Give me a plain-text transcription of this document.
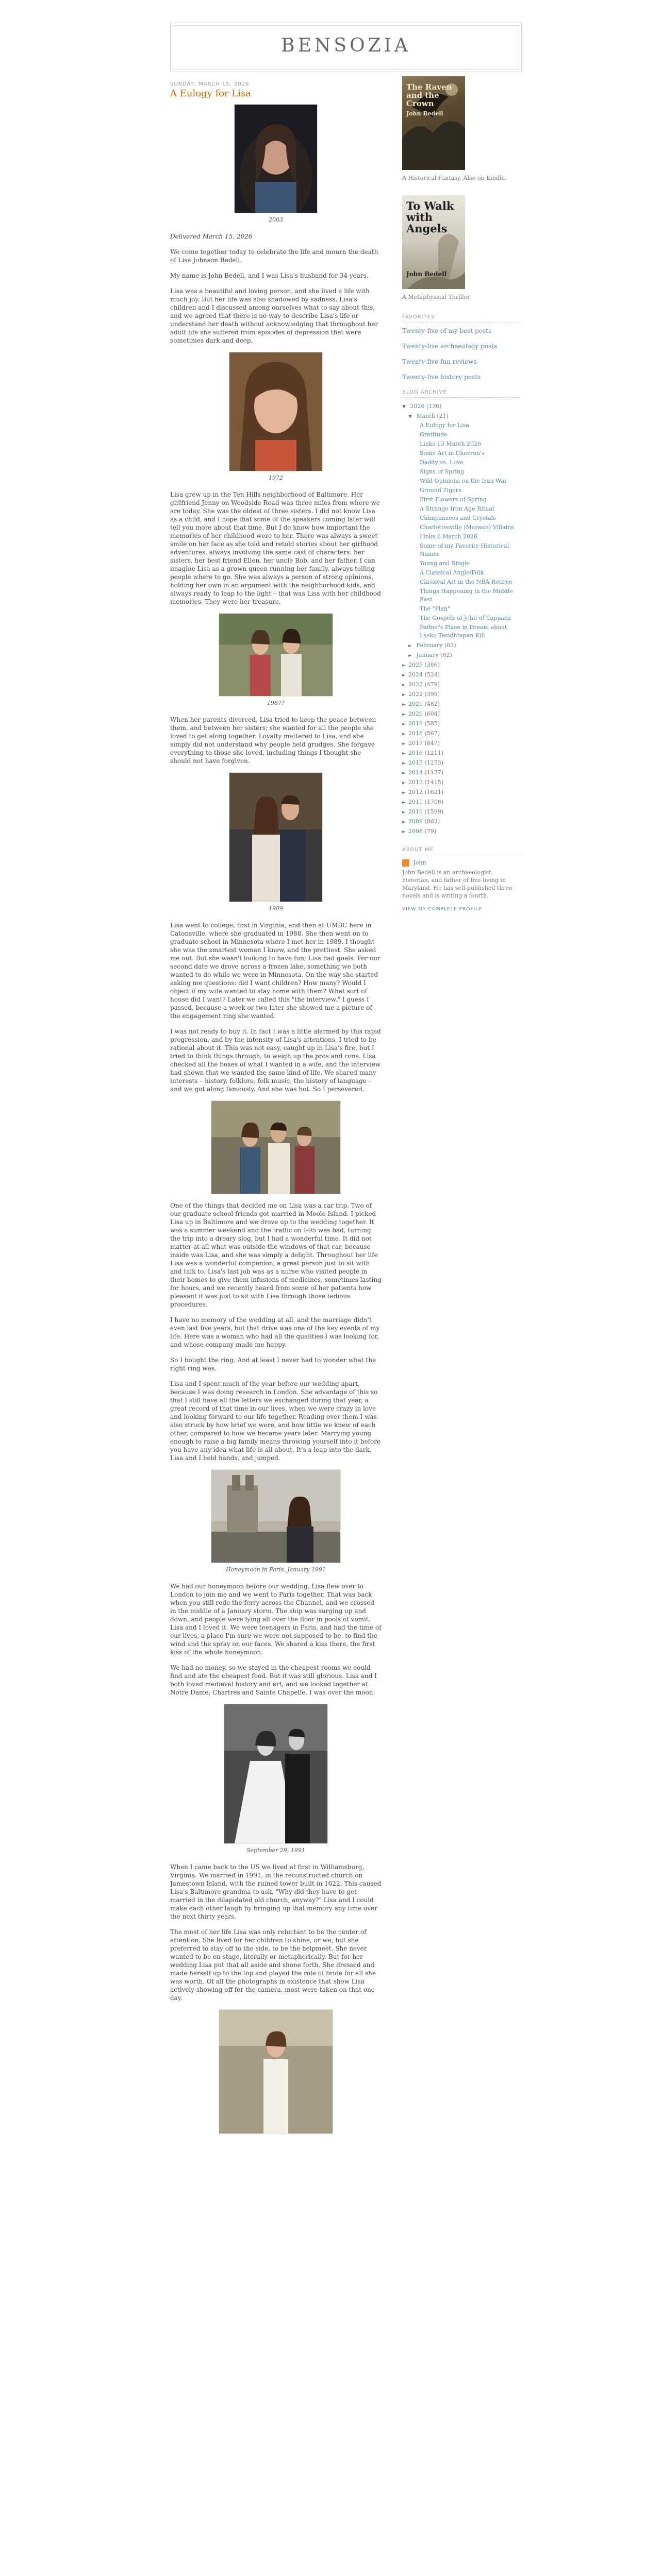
BENSOZIA
SUNDAY, MARCH 15, 2026
A Eulogy for Lisa
2003

Delivered March 15, 2026

We come together today to celebrate the life and mourn the death of Lisa Johnson Bedell.

My name is John Bedell, and I was Lisa's husband for 34 years.

Lisa was a beautiful and loving person, and she lived a life with much joy. But her life was also shadowed by sadness. Lisa's children and I discussed among ourselves what to say about this, and we agreed that there is no way to describe Lisa's life or understand her death without acknowledging that throughout her adult life she suffered from episodes of depression that were sometimes dark and deep.

1972

Lisa grew up in the Ten Hills neighborhood of Baltimore. Her girlfriend Jenny on Woodside Road was three miles from where we are today. She was the oldest of three sisters. I did not know Lisa as a child, and I hope that some of the speakers coming later will tell you more about that time. But I do know how important the memories of her childhood were to her. There was always a sweet smile on her face as she told and retold stories about her girlhood adventures, always involving the same cast of characters: her sisters, her best friend Ellen, her uncle Bob, and her father. I can imagine Lisa as a grown queen running her family, always telling people where to go. She was always a person of strong opinions, holding her own in an argument with the neighborhood kids, and always ready to leap to the light – that was Lisa with her childhood memories. They were her treasure.

1987?

When her parents divorced, Lisa tried to keep the peace between them, and between her sisters; she wanted for all the people she loved to get along together. Loyalty mattered to Lisa, and she simply did not understand why people held grudges. She forgave everything to those she loved, including things I thought she should not have forgiven.

1989

Lisa went to college, first in Virginia, and then at UMBC here in Catonsville, where she graduated in 1988. She then went on to graduate school in Minnesota where I met her in 1989. I thought she was the smartest woman I knew, and the prettiest. She asked me out. But she wasn't looking to have fun; Lisa had goals. For our second date we drove across a frozen lake, something we both wanted to do while we were in Minnesota. On the way she started asking me questions: did I want children? How many? Would I object if my wife wanted to stay home with them? What sort of house did I want? Later we called this "the interview." I guess I passed, because a week or two later she showed me a picture of the engagement ring she wanted.

I was not ready to buy it. In fact I was a little alarmed by this rapid progression, and by the intensity of Lisa's attentions. I tried to be rational about it. This was not easy, caught up in Lisa's fire, but I tried to think things through, to weigh up the pros and cons. Lisa checked all the boxes of what I wanted in a wife, and the interview had shown that we wanted the same kind of life. We shared many interests – history, folklore, folk music, the history of language – and we got along famously. And she was hot. So I persevered.

One of the things that decided me on Lisa was a car trip. Two of our graduate school friends got married in Moole Island. I picked Lisa up in Baltimore and we drove up to the wedding together. It was a summer weekend and the traffic on I-95 was bad, turning the trip into a dreary slog, but I had a wonderful time. It did not matter at all what was outside the windows of that car, because inside was Lisa, and she was simply a delight. Throughout her life Lisa was a wonderful companion, a great person just to sit with and talk to. Lisa's last job was as a nurse who visited people in their homes to give them infusions of medicines, sometimes lasting for hours, and we recently heard from some of her patients how pleasant it was just to sit with Lisa through those tedious procedures.

I have no memory of the wedding at all, and the marriage didn't even last five years, but that drive was one of the key events of my life. Here was a woman who had all the qualities I was looking for, and whose company made me happy.

So I bought the ring. And at least I never had to wonder what the right ring was.

Lisa and I spent much of the year before our wedding apart, because I was doing research in London. She advantage of this so that I still have all the letters we exchanged during that year, a great record of that time in our lives, when we were crazy in love and looking forward to our life together. Reading over them I was also struck by how brief we were, and how little we knew of each other, compared to how we became years later. Marrying young enough to raise a big family means throwing yourself into it before you have any idea what life is all about. It's a leap into the dark. Lisa and I held hands, and jumped.

Honeymoon in Paris, January 1991

We had our honeymoon before our wedding. Lisa flew over to London to join me and we went to Paris together. That was back when you still rode the ferry across the Channel, and we crossed in the middle of a January storm. The ship was surging up and down, and people were lying all over the floor in pools of vomit. Lisa and I loved it. We were teenagers in Paris, and had the time of our lives, a place I'm sure we were not supposed to be, to find the wind and the spray on our faces. We shared a kiss there, the first kiss of the whole honeymoon.

We had no money, so we stayed in the cheapest rooms we could find and ate the cheapest food. But it was still glorious. Lisa and I both loved medieval history and art, and we looked together at Notre Dame, Chartres and Sainte Chapelle. I was over the moon.

September 29, 1991

When I came back to the US we lived at first in Williamsburg, Virginia. We married in 1991, in the reconstructed church on Jamestown Island, with the ruined tower built in 1622. This caused Lisa's Baltimore grandma to ask, "Why did they have to get married in the dilapidated old church, anyway?" Lisa and I could make each other laugh by bringing up that memory any time over the next thirty years.

The most of her life Lisa was only reluctant to be the center of attention. She lived for her children to shine, or we, but she preferred to stay off to the side, to be the helpmeet. She never wanted to be on stage, literally or metaphorically. But for her wedding Lisa put that all aside and shone forth. She dressed and made herself up to the top and played the role of bride for all she was worth. Of all the photographs in existence that show Lisa actively showing off for the camera, most were taken on that one day.

The Raven and the Crown
John Bedell
A Historical Fantasy. Also on Kindle.
To Walk with Angels
John Bedell
A Metaphysical Thriller
FAVORITES
Twenty-five of my best posts
Twenty-five archaeology posts
Twenty-five fun reviews
Twenty-five history posts
BLOG ARCHIVE
▼ 2026 (136)
▼ March (21)
A Eulogy for Lisa
Gratitude
Links 13 March 2026
Some Art in Chevron's
Daddy vs. Love
Signs of Spring
Wild Opinions on the Iran War
Ground Tigers
First Flowers of Spring
A Strange Iron Age Ritual
Chimpanzees and Crystals
Charlottesville (Marasis) Villains
Links 6 March 2026
Some of my Favorite Historical Names
Young and Single
A Classical Angle/Folk
Classical Art in the NBA Retiree
Things Happening in the Middle East
The "Plan"
The Gospels of John of Tuppanz
Father's Place in Dream about Lasko Tasidhtapan Kill
► February (63)
► January (62)
► 2025 (386)
► 2024 (524)
► 2023 (479)
► 2022 (399)
► 2021 (482)
► 2020 (604)
► 2019 (585)
► 2018 (567)
► 2017 (847)
► 2016 (1211)
► 2015 (1273)
► 2014 (1177)
► 2013 (1415)
► 2012 (1621)
► 2011 (1706)
► 2010 (1599)
► 2009 (863)
► 2008 (79)
ABOUT ME
John
John Bedell is an archaeologist, historian, and father of five living in Maryland. He has self-published three novels and is writing a fourth.
VIEW MY COMPLETE PROFILE
